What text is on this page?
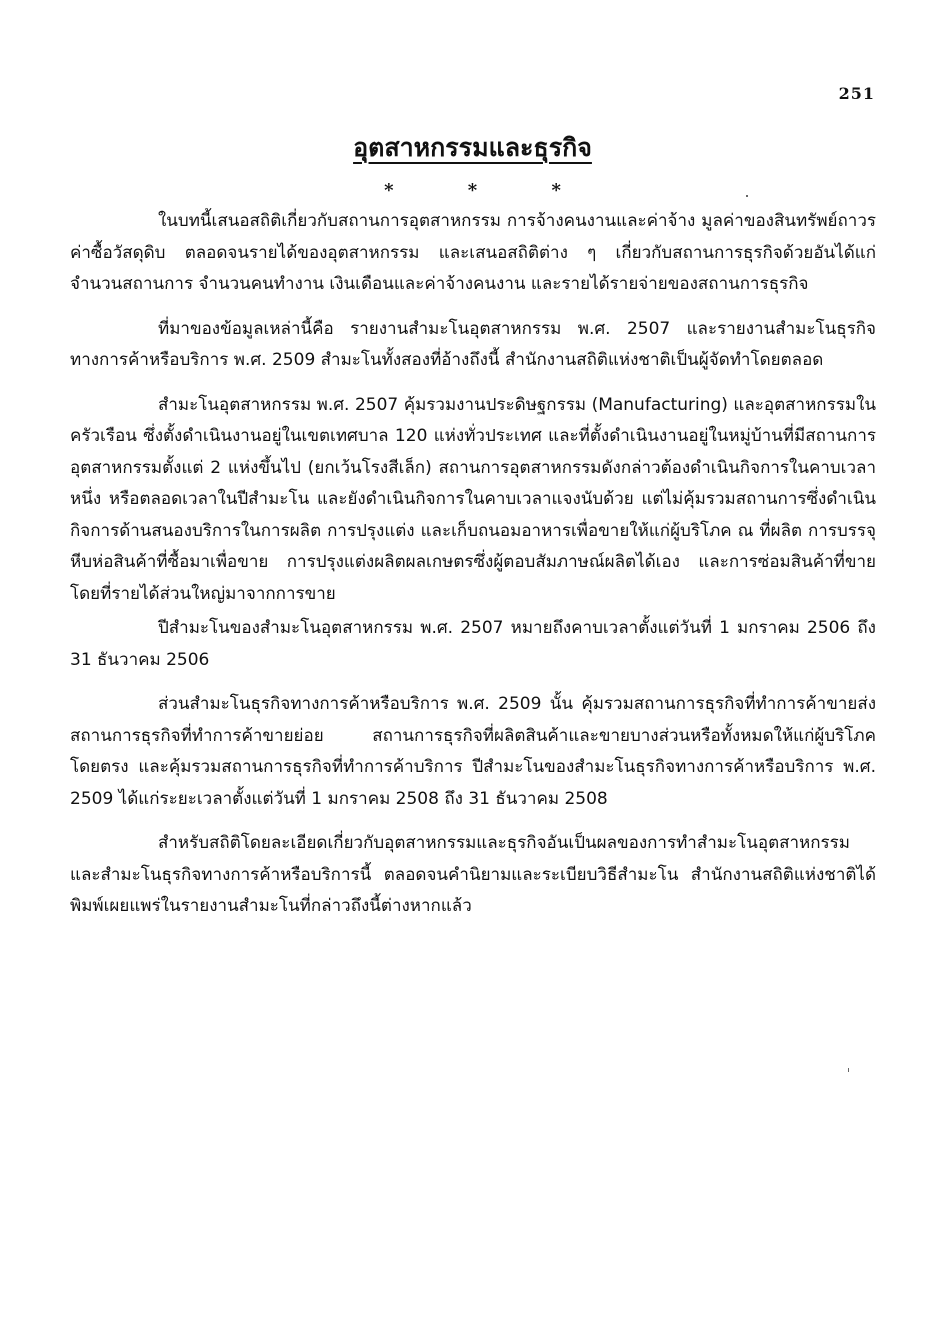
251
อุตสาหกรรมและธุรกิจ
* * *

ในบทนี้เสนอสถิติเกี่ยวกับสถานการอุตสาหกรรม การจ้างคนงานและค่าจ้าง มูลค่าของสินทรัพย์ถาวร ค่าซื้อวัสดุดิบ ตลอดจนรายได้ของอุตสาหกรรม และเสนอสถิติต่าง ๆ เกี่ยวกับสถานการธุรกิจด้วยอันได้แก่ จำนวนสถานการ จำนวนคนทำงาน เงินเดือนและค่าจ้างคนงาน และรายได้รายจ่ายของสถานการธุรกิจ

ที่มาของข้อมูลเหล่านี้คือ รายงานสำมะโนอุตสาหกรรม พ.ศ. 2507 และรายงานสำมะโนธุรกิจทางการค้าหรือบริการ พ.ศ. 2509 สำมะโนทั้งสองที่อ้างถึงนี้ สำนักงานสถิติแห่งชาติเป็นผู้จัดทำโดยตลอด

สำมะโนอุตสาหกรรม พ.ศ. 2507 คุ้มรวมงานประดิษฐกรรม (Manufacturing) และอุตสาหกรรมในครัวเรือน ซึ่งตั้งดำเนินงานอยู่ในเขตเทศบาล 120 แห่งทั่วประเทศ และที่ตั้งดำเนินงานอยู่ในหมู่บ้านที่มีสถานการอุตสาหกรรมตั้งแต่ 2 แห่งขึ้นไป (ยกเว้นโรงสีเล็ก) สถานการอุตสาหกรรมดังกล่าวต้องดำเนินกิจการในคาบเวลาหนึ่ง หรือตลอดเวลาในปีสำมะโน และยังดำเนินกิจการในคาบเวลาแจงนับด้วย แต่ไม่คุ้มรวมสถานการซึ่งดำเนินกิจการด้านสนองบริการในการผลิต การปรุงแต่ง และเก็บถนอมอาหารเพื่อขายให้แก่ผู้บริโภค ณ ที่ผลิต การบรรจุหีบห่อสินค้าที่ซื้อมาเพื่อขาย การปรุงแต่งผลิตผลเกษตรซึ่งผู้ตอบสัมภาษณ์ผลิตได้เอง และการซ่อมสินค้าที่ขายโดยที่รายได้ส่วนใหญ่มาจากการขาย

ปีสำมะโนของสำมะโนอุตสาหกรรม พ.ศ. 2507 หมายถึงคาบเวลาตั้งแต่วันที่ 1 มกราคม 2506 ถึง 31 ธันวาคม 2506

ส่วนสำมะโนธุรกิจทางการค้าหรือบริการ พ.ศ. 2509 นั้น คุ้มรวมสถานการธุรกิจที่ทำการค้าขายส่ง สถานการธุรกิจที่ทำการค้าขายย่อย สถานการธุรกิจที่ผลิตสินค้าและขายบางส่วนหรือทั้งหมดให้แก่ผู้บริโภคโดยตรง และคุ้มรวมสถานการธุรกิจที่ทำการค้าบริการ ปีสำมะโนของสำมะโนธุรกิจทางการค้าหรือบริการ พ.ศ. 2509 ได้แก่ระยะเวลาตั้งแต่วันที่ 1 มกราคม 2508 ถึง 31 ธันวาคม 2508

สำหรับสถิติโดยละเอียดเกี่ยวกับอุตสาหกรรมและธุรกิจอันเป็นผลของการทำสำมะโนอุตสาหกรรมและสำมะโนธุรกิจทางการค้าหรือบริการนี้ ตลอดจนคำนิยามและระเบียบวิธีสำมะโน สำนักงานสถิติแห่งชาติได้พิมพ์เผยแพร่ในรายงานสำมะโนที่กล่าวถึงนี้ต่างหากแล้ว
